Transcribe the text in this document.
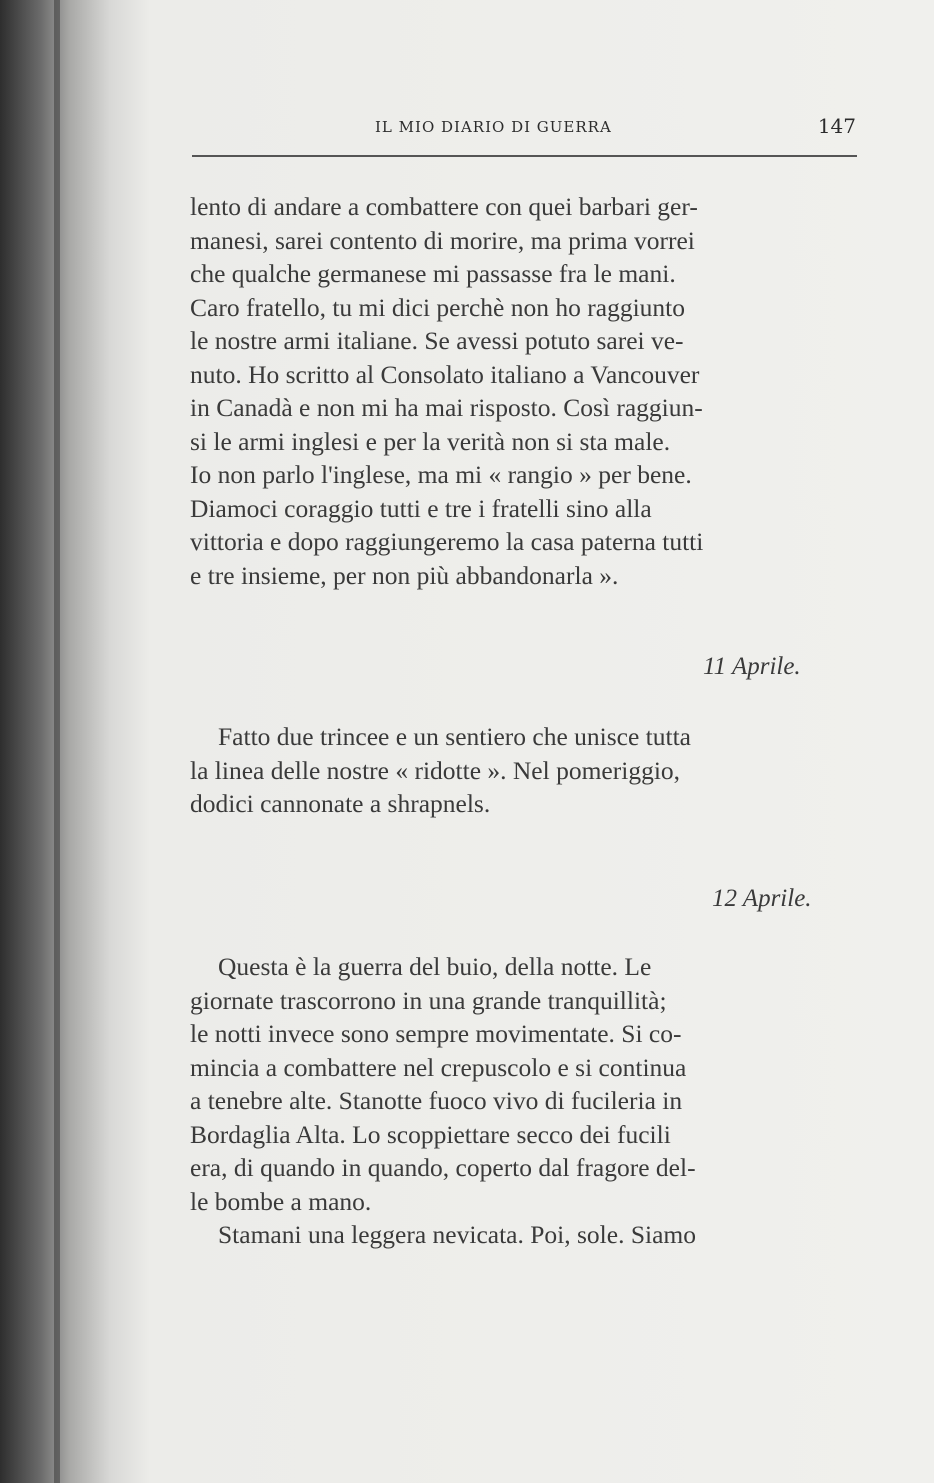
IL MIO DIARIO DI GUERRA	147
lento di andare a combattere con quei barbari ger-
manesi, sarei contento di morire, ma prima vorrei
che qualche germanese mi passasse fra le mani.
Caro fratello, tu mi dici perchè non ho raggiunto
le nostre armi italiane. Se avessi potuto sarei ve-
nuto. Ho scritto al Consolato italiano a Vancouver
in Canadà e non mi ha mai risposto. Così raggiun-
si le armi inglesi e per la verità non si sta male.
Io non parlo l'inglese, ma mi « rangio » per bene.
Diamoci coraggio tutti e tre i fratelli sino alla
vittoria e dopo raggiungeremo la casa paterna tutti
e tre insieme, per non più abbandonarla ».
11 Aprile.
Fatto due trincee e un sentiero che unisce tutta
la linea delle nostre « ridotte ». Nel pomeriggio,
dodici cannonate a shrapnels.
12 Aprile.
Questa è la guerra del buio, della notte. Le
giornate trascorrono in una grande tranquillità;
le notti invece sono sempre movimentate. Si co-
mincia a combattere nel crepuscolo e si continua
a tenebre alte. Stanotte fuoco vivo di fucileria in
Bordaglia Alta. Lo scoppiettare secco dei fucili
era, di quando in quando, coperto dal fragore del-
le bombe a mano.
Stamani una leggera nevicata. Poi, sole. Siamo
